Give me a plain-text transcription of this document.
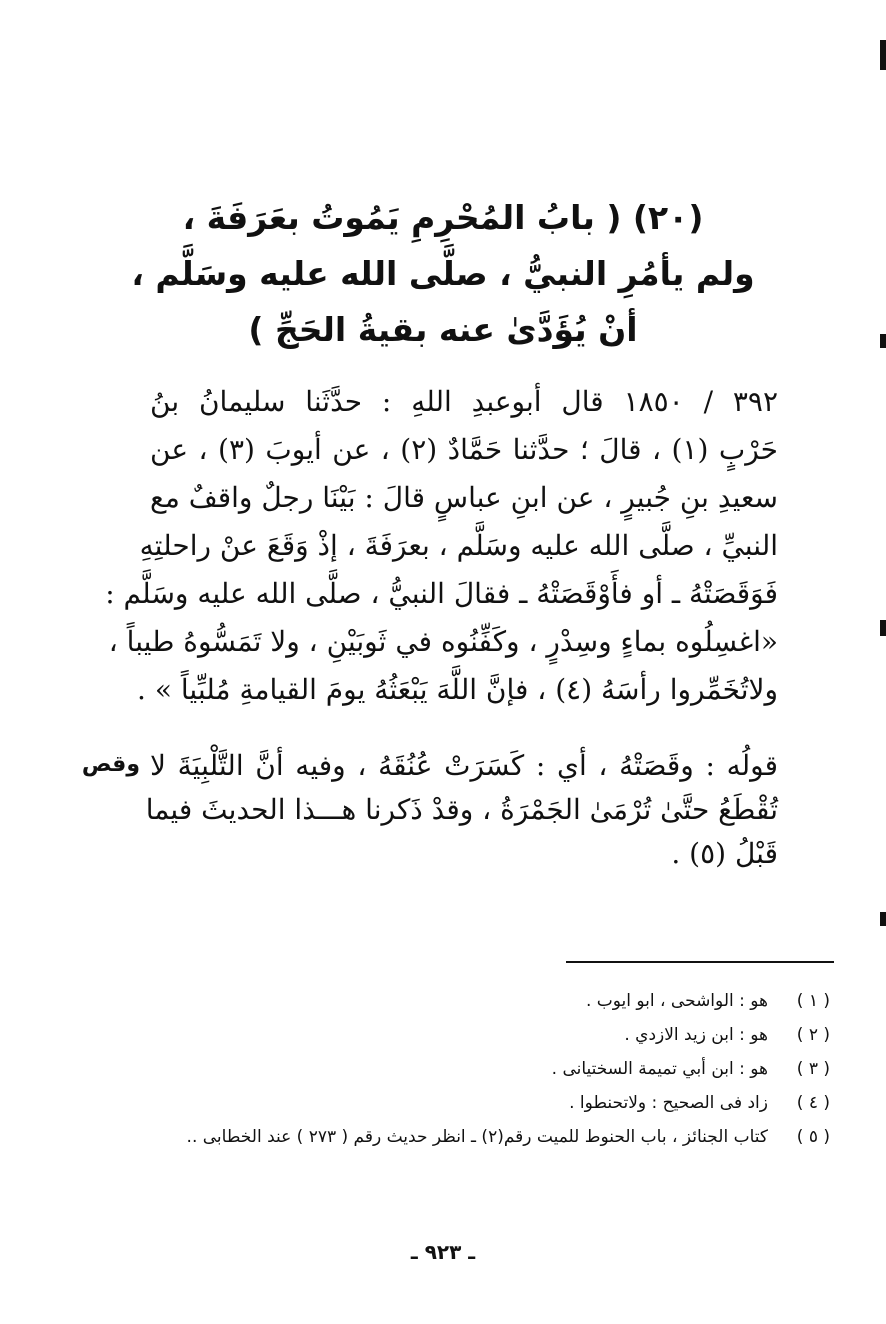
(٢٠) ( بابُ المُحْرِمِ يَمُوتُ بعَرَفَةَ ،
ولم يأمُرِ النبيُّ ، صلَّى الله عليه وسَلَّم ،
أنْ يُؤَدَّىٰ عنه بقيةُ الحَجِّ )
٣٩٢ / ١٨٥٠ قال أبوعبدِ اللهِ : حدَّثَنا سليمانُ بنُ
حَرْبٍ (١) ، قالَ ؛ حدَّثنا حَمَّادٌ (٢) ، عن أيوبَ (٣) ، عن
سعيدِ بنِ جُبيرٍ ، عن ابنِ عباسٍ قالَ : بَيْنَا رجلٌ واقفٌ مع
النبيِّ ، صلَّى الله عليه وسَلَّم ، بعرَفَةَ ، إذْ وَقَعَ عنْ راحلتِهِ
فَوَقَصَتْهُ ـ أو فأَوْقَصَتْهُ ـ فقالَ النبيُّ ، صلَّى الله عليه وسَلَّم :
«اغسِلُوه بماءٍ وسِدْرٍ ، وكَفِّنُوه في ثَوبَيْنِ ، ولا تَمَسُّوهُ طيباً ،
ولاتُخَمِّروا رأسَهُ (٤) ، فإنَّ اللَّهَ يَبْعَثُهُ يومَ القيامةِ مُلبِّياً » .
قولُه : وقَصَتْهُ ، أي : كَسَرَتْ عُنُقَهُ ، وفيه أنَّ التَّلْبِيَةَ لا
تُقْطَعُ حتَّىٰ تُرْمَىٰ الجَمْرَةُ ، وقدْ ذَكرنا هـــذا الحديثَ فيما
قَبْلُ (٥) .
وقص
( ١ )
هو : الواشحى ، ابو ايوب .
( ٢ )
هو : ابن زيد الازدي .
( ٣ )
هو : ابن أبي تميمة السختيانى .
( ٤ )
زاد فى الصحيح : ولاتحنطوا .
( ٥ )
كتاب الجنائز ، باب الحنوط للميت رقم(٢) ـ انظر حديث رقم ( ٢٧٣ ) عند الخطابى ..
ـ ٩٢٣ ـ
